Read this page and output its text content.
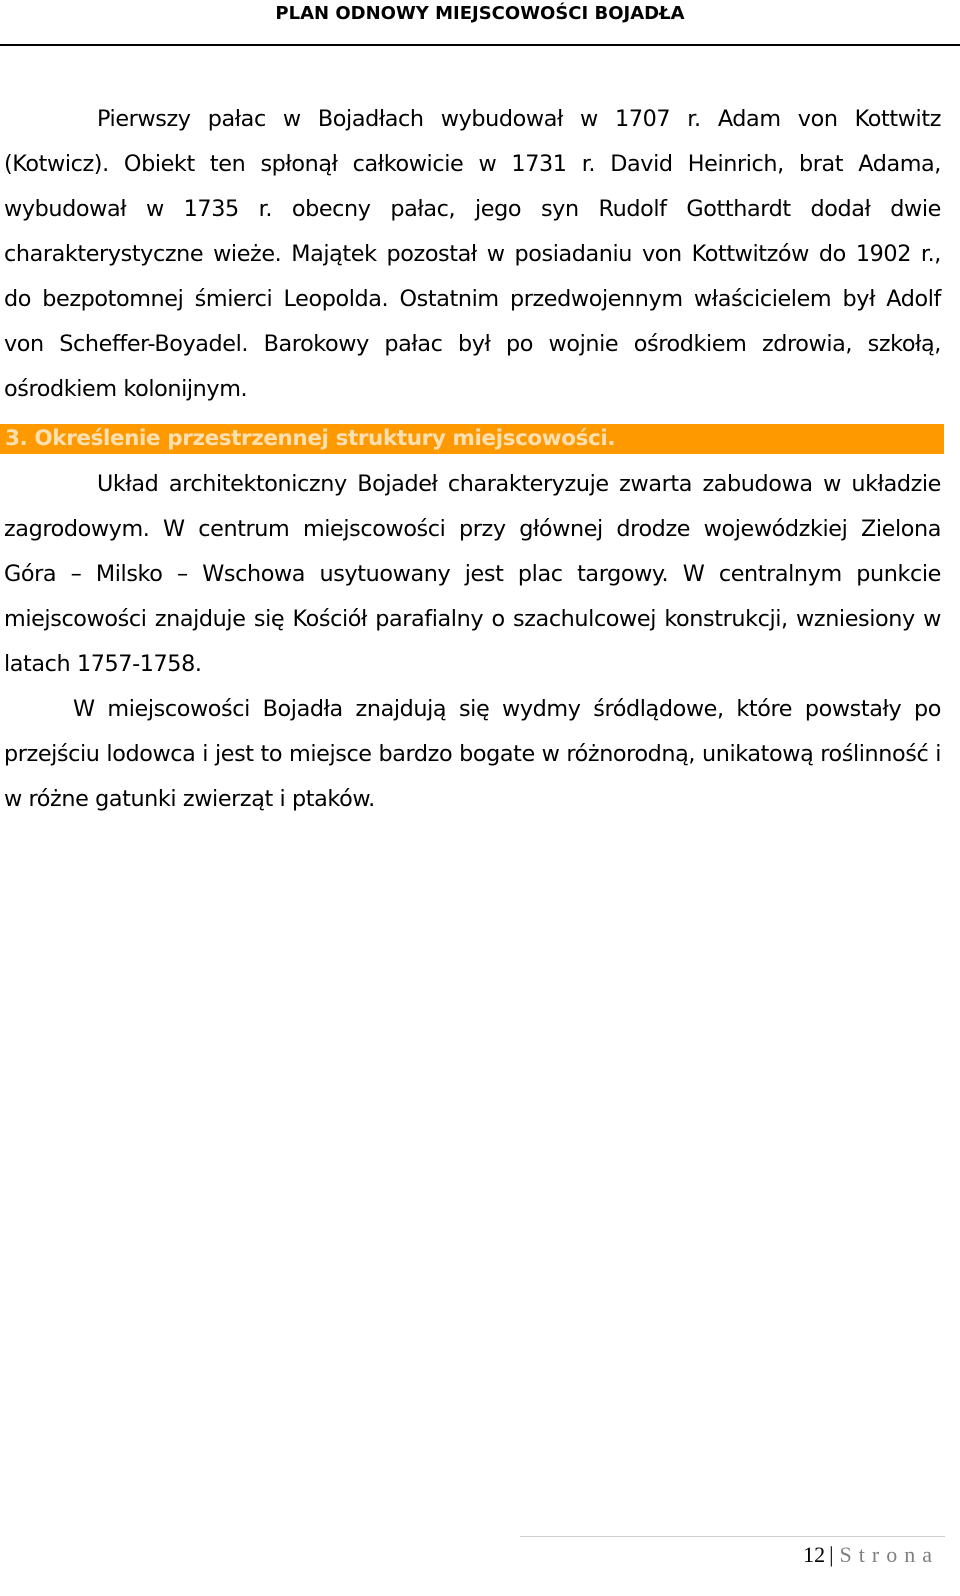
PLAN ODNOWY MIEJSCOWOŚCI BOJADŁA

Pierwszy pałac w Bojadłach wybudował w 1707 r. Adam von Kottwitz (Kotwicz). Obiekt ten spłonął całkowicie w 1731 r. David Heinrich, brat Adama, wybudował w 1735 r. obecny pałac, jego syn Rudolf Gotthardt dodał dwie charakterystyczne wieże. Majątek pozostał w posiadaniu von Kottwitzów do 1902 r., do bezpotomnej śmierci Leopolda. Ostatnim przedwojennym właścicielem był Adolf von Scheffer-Boyadel. Barokowy pałac był po wojnie ośrodkiem zdrowia, szkołą, ośrodkiem kolonijnym.

3. Określenie przestrzennej struktury miejscowości.

Układ architektoniczny Bojadeł charakteryzuje zwarta zabudowa w układzie zagrodowym. W centrum miejscowości przy głównej drodze wojewódzkiej Zielona Góra – Milsko – Wschowa usytuowany jest plac targowy. W centralnym punkcie miejscowości znajduje się Kościół parafialny o szachulcowej konstrukcji, wzniesiony w latach 1757-1758.

W miejscowości Bojadła znajdują się wydmy śródlądowe, które powstały po przejściu lodowca i jest to miejsce bardzo bogate w różnorodną, unikatową roślinność i w różne gatunki zwierząt i ptaków.

12 | Strona
